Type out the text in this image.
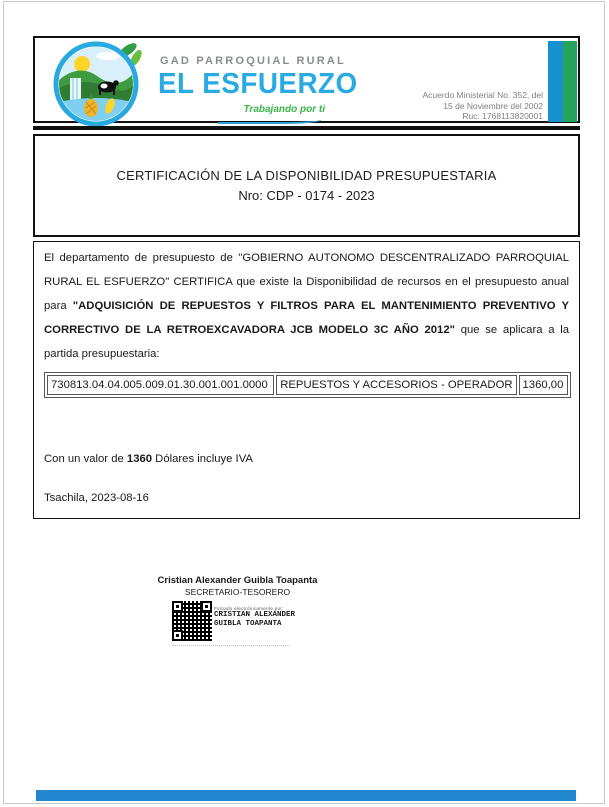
GAD PARROQUIAL RURAL
EL ESFUERZO
Trabajando por ti
Acuerdo Ministerial No. 352, del
15 de Noviembre del 2002
Ruc: 1768113820001
CERTIFICACIÓN DE LA DISPONIBILIDAD PRESUPUESTARIA
Nro: CDP - 0174 - 2023

El departamento de presupuesto de "GOBIERNO AUTONOMO DESCENTRALIZADO PARROQUIAL RURAL EL ESFUERZO" CERTIFICA que existe la Disponibilidad de recursos en el presupuesto anual para "ADQUISICIÓN DE REPUESTOS Y FILTROS PARA EL MANTENIMIENTO PREVENTIVO Y CORRECTIVO DE LA RETROEXCAVADORA JCB MODELO 3C AÑO 2012" que se aplicara a la partida presupuestaria:

730813.04.04.005.009.01.30.001.001.0000	REPUESTOS Y ACCESORIOS - OPERADOR	1360,00
Con un valor de 1360 Dólares incluye IVA
Tsachila, 2023-08-16
Cristian Alexander Guibla Toapanta
SECRETARIO-TESORERO
Firmado electrónicamente por:
CRISTIAN ALEXANDER
GUIBLA TOAPANTA
